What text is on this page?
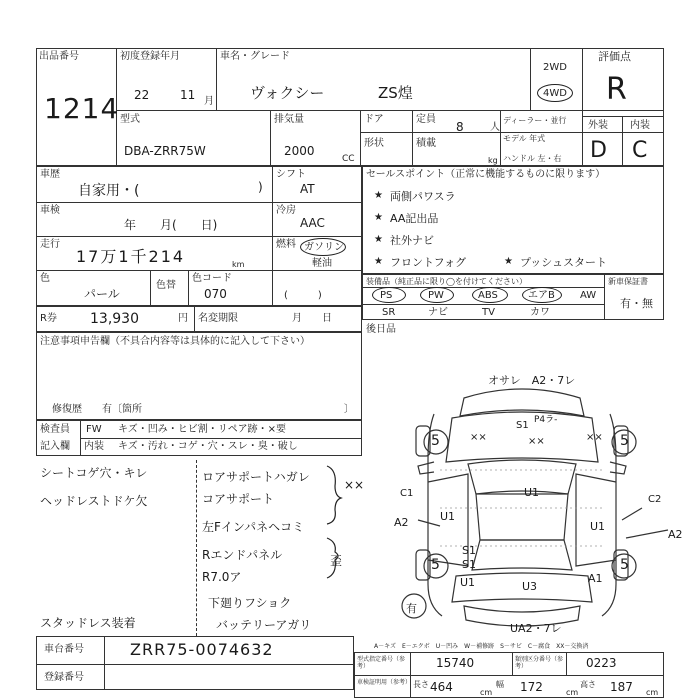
出品番号
1214
初度登録年月
22	11 月
車名・グレード
ヴォクシー	ZS煌
2WD
4WD
評価点
R
型式
DBA-ZRR75W
排気量
2000
CC
ドア	定員
8	人
ディーラー・並行
モデル 年式
ハンドル 左・右
形状	積載
kg
外装 内装
D C
車歴
自家用・(	)
シフト
AT
車検
年　　月(　　日)
冷房
AAC
走行
17万1千214	km
燃料 ガソリン
軽油
色
パール
色替
色コード
070	(　　　)
R券 13,930	円 名変期限	月　　日
セールスポイント（正常に機能するものに限ります）
★ 両側パワスラ
★ AA記出品
★ 社外ナビ
★ フロントフォグ	★ プッシュスタート
装備品（純正品に限り◯を付けてください）	新車保証書
有・無
PS	PW	ABS	エアB	AW
SR	ナビ	TV	カワ
後日品
注意事項申告欄（不具合内容等は具体的に記入して下さい）
修復歴　　有〔箇所	〕
検査員
記入欄
FW キズ・凹み・ヒビ割・リペア跡・×要
内装 キズ・汚れ・コゲ・穴・スレ・臭・破し
シートコゲ穴・キレ
ヘッドレストドケ欠
スタッドレス装着
ロアサポートハガレ
コアサポート
左Fインパネヘコミ
Rエンドパネル
R7.0ア
下廻りフショク
バッテリーアガリ
××
歪
オサレ　A2・7レ
P4ラ-
S1
××	××	××
5	5
5	5
C1
C2
A2
A2
U1
U1
U1
U1
S1
S1
A1
U3
有
UA2・7レ
A－キズ　E－エクボ　U－凹み　W－補修跡　S－サビ　C－腐食　XX－交換済
車台番号	ZRR75-0074632
登録番号
型式指定番号（参考）	15740	類別区分番号（参考）	0223
車検証明用（参考） 長さ 464	cm
幅 172	cm
高さ 187 cm
